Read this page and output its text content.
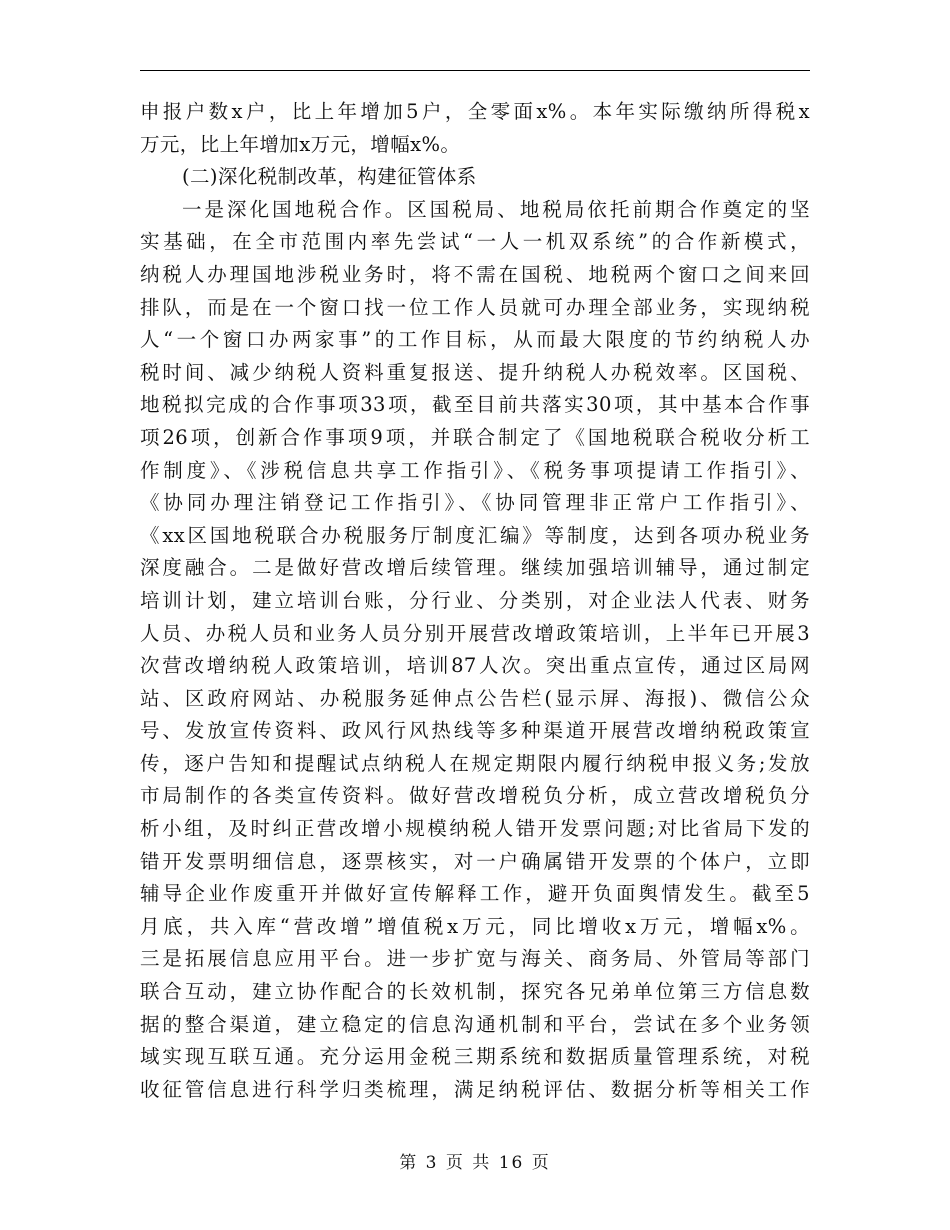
申报户数x户，比上年增加5户，全零面x%。本年实际缴纳所得税x
万元，比上年增加x万元，增幅x%。
(二)深化税制改革，构建征管体系
一是深化国地税合作。区国税局、地税局依托前期合作奠定的坚
实基础，在全市范围内率先尝试“一人一机双系统”的合作新模式，
纳税人办理国地涉税业务时，将不需在国税、地税两个窗口之间来回
排队，而是在一个窗口找一位工作人员就可办理全部业务，实现纳税
人“一个窗口办两家事”的工作目标，从而最大限度的节约纳税人办
税时间、减少纳税人资料重复报送、提升纳税人办税效率。区国税、
地税拟完成的合作事项33项，截至目前共落实30项，其中基本合作事
项26项，创新合作事项9项，并联合制定了《国地税联合税收分析工
作制度》、《涉税信息共享工作指引》、《税务事项提请工作指引》、
《协同办理注销登记工作指引》、《协同管理非正常户工作指引》、
《xx区国地税联合办税服务厅制度汇编》等制度，达到各项办税业务
深度融合。二是做好营改增后续管理。继续加强培训辅导，通过制定
培训计划，建立培训台账，分行业、分类别，对企业法人代表、财务
人员、办税人员和业务人员分别开展营改增政策培训，上半年已开展3
次营改增纳税人政策培训，培训87人次。突出重点宣传，通过区局网
站、区政府网站、办税服务延伸点公告栏(显示屏、海报)、微信公众
号、发放宣传资料、政风行风热线等多种渠道开展营改增纳税政策宣
传，逐户告知和提醒试点纳税人在规定期限内履行纳税申报义务;发放
市局制作的各类宣传资料。做好营改增税负分析，成立营改增税负分
析小组，及时纠正营改增小规模纳税人错开发票问题;对比省局下发的
错开发票明细信息，逐票核实，对一户确属错开发票的个体户，立即
辅导企业作废重开并做好宣传解释工作，避开负面舆情发生。截至5
月底，共入库“营改增”增值税x万元，同比增收x万元，增幅x%。
三是拓展信息应用平台。进一步扩宽与海关、商务局、外管局等部门
联合互动，建立协作配合的长效机制，探究各兄弟单位第三方信息数
据的整合渠道，建立稳定的信息沟通机制和平台，尝试在多个业务领
域实现互联互通。充分运用金税三期系统和数据质量管理系统，对税
收征管信息进行科学归类梳理，满足纳税评估、数据分析等相关工作
第 3 页 共 16 页
